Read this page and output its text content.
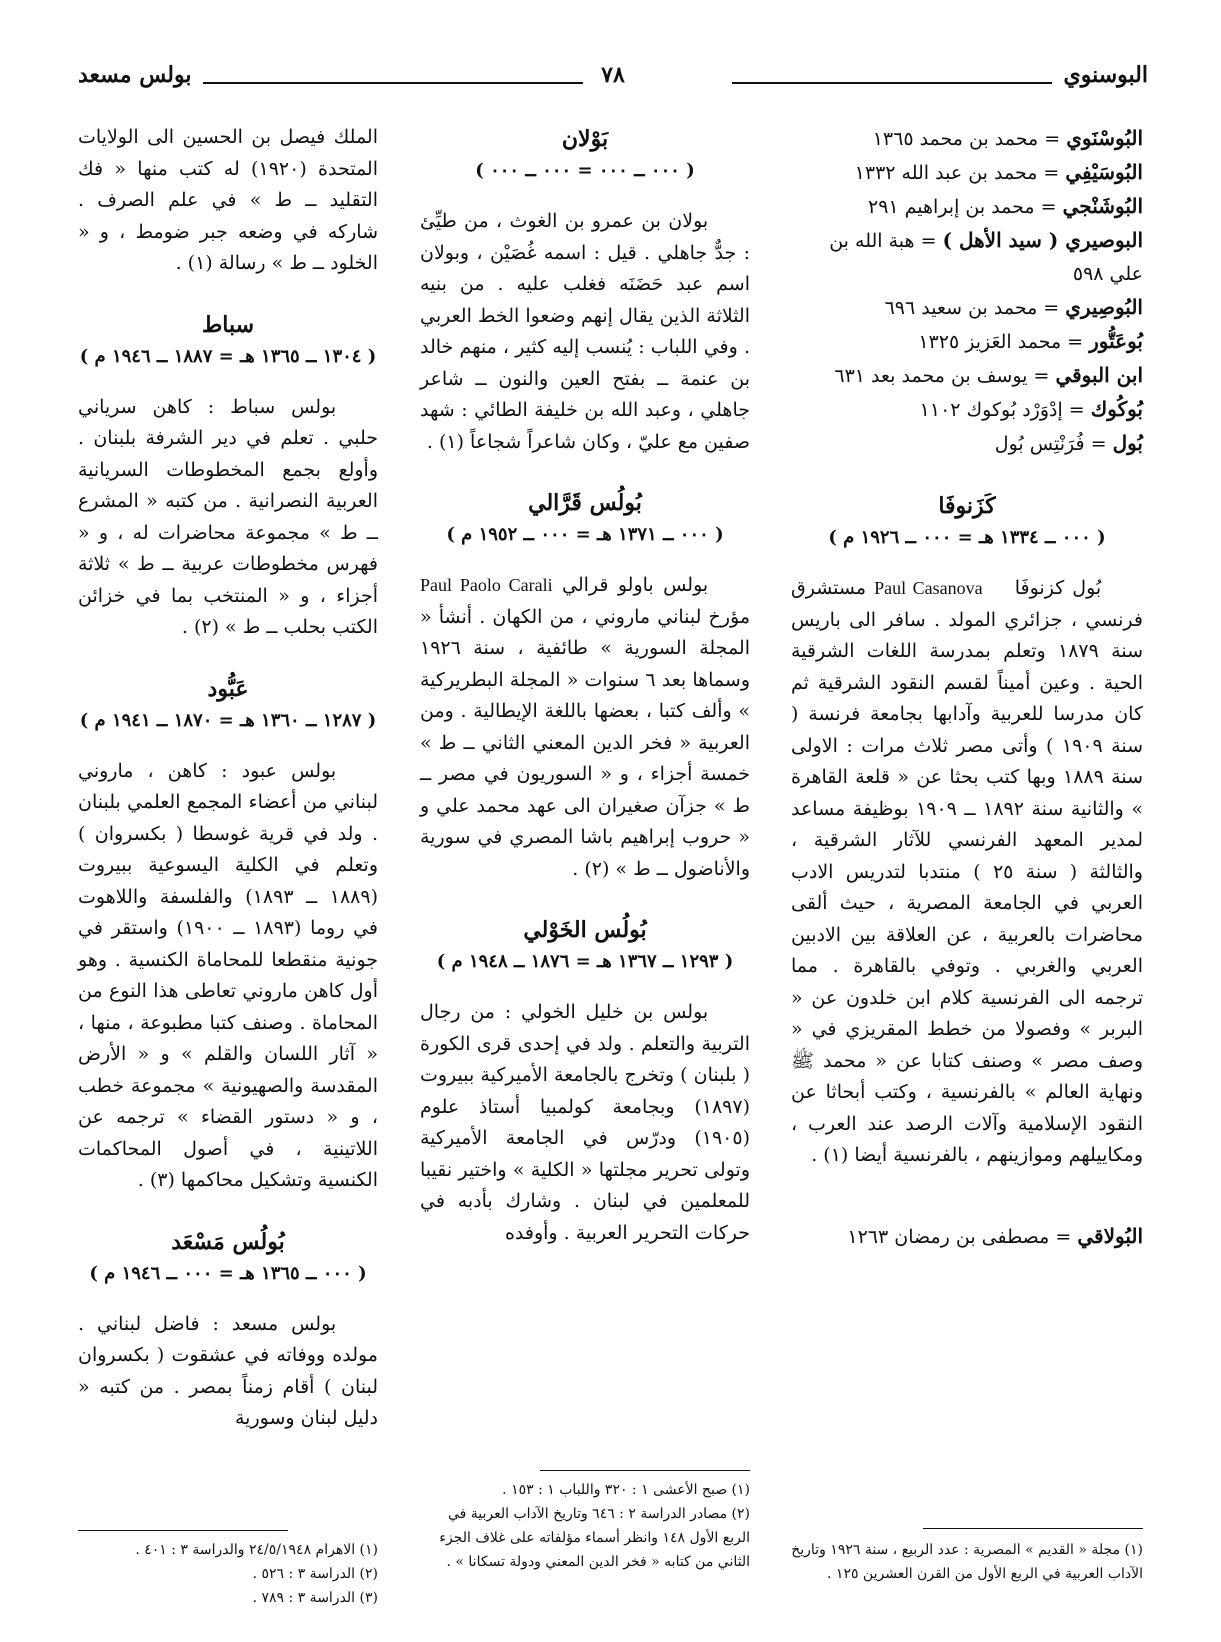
البوسنوي
٧٨
بولس مسعد

البُوسْنَوي = محمد بن محمد ١٣٦٥

البُوسَيْفِي = محمد بن عبد الله ١٣٣٢

البُوشَنْجي = محمد بن إبراهيم ٢٩١

البوصيري ( سيد الأهل ) = هبة الله بن علي ٥٩٨

البُوصِيري = محمد بن سعيد ٦٩٦

بُوعَتُّور = محمد العَزيز ١٣٢٥

ابن البوقي = يوسف بن محمد بعد ٦٣١

بُوكُوك = إدْوَرْد بُوكوك ١١٠٢

بُول = فُرَنْتِس بُول

كَزَنوفَا

( ٠٠٠ ــ ١٣٣٤ هـ = ٠٠٠ ــ ١٩٢٦ م )

بُول كزنوفَا    Paul Casanova مستشرق فرنسي ، جزائري المولد . سافر الى باريس سنة ١٨٧٩ وتعلم بمدرسة اللغات الشرقية الحية . وعين أميناً لقسم النقود الشرقية ثم كان مدرسا للعربية وآدابها بجامعة فرنسة ( سنة ١٩٠٩ ) وأتى مصر ثلاث مرات : الاولى سنة ١٨٨٩ وبها كتب بحثا عن « قلعة القاهرة » والثانية سنة ١٨٩٢ ــ ١٩٠٩ بوظيفة مساعد لمدير المعهد الفرنسي للآثار الشرقية ، والثالثة ( سنة ٢٥ ) منتدبا لتدريس الادب العربي في الجامعة المصرية ، حيث ألقى محاضرات بالعربية ، عن العلاقة بين الادبين العربي والغربي . وتوفي بالقاهرة . مما ترجمه الى الفرنسية كلام ابن خلدون عن « البربر » وفصولا من خطط المقريزي في « وصف مصر » وصنف كتابا عن « محمد ﷺ ونهاية العالم » بالفرنسية ، وكتب أبحاثا عن النقود الإسلامية وآلات الرصد عند العرب ، ومكاييلهم وموازينهم ، بالفرنسية أيضا (١) .

البُولاقي = مصطفى بن رمضان ١٢٦٣

بَوْلان

( ٠٠٠ ــ ٠٠٠ = ٠٠٠ ــ ٠٠٠ )

بولان بن عمرو بن الغوث ، من طيِّئ : جدٌّ جاهلي . قيل : اسمه غُصَيْن ، وبولان اسم عبد حَضَنَه فغلب عليه . من بنيه الثلاثة الذين يقال إنهم وضعوا الخط العربي . وفي اللباب : يُنسب إليه كثير ، منهم خالد بن عنمة ــ بفتح العين والنون ــ شاعر جاهلي ، وعبد الله بن خليفة الطائي : شهد صفين مع عليّ ، وكان شاعراً شجاعاً (١) .

بُولُس قَرَّالي

( ٠٠٠ ــ ١٣٧١ هـ = ٠٠٠ ــ ١٩٥٢ م )

بولس باولو قرالي Paul Paolo Carali مؤرخ لبناني ماروني ، من الكهان . أنشأ « المجلة السورية » طائفية ، سنة ١٩٢٦ وسماها بعد ٦ سنوات « المجلة البطريركية » وألف كتبا ، بعضها باللغة الإيطالية . ومن العربية « فخر الدين المعني الثاني ــ ط » خمسة أجزاء ، و « السوريون في مصر ــ ط » جزآن صغيران الى عهد محمد علي و « حروب إبراهيم باشا المصري في سورية والأناضول ــ ط » (٢) .

بُولُس الخَوْلي

( ١٢٩٣ ــ ١٣٦٧ هـ = ١٨٧٦ ــ ١٩٤٨ م )

بولس بن خليل الخولي : من رجال التربية والتعلم . ولد في إحدى قرى الكورة ( بلبنان ) وتخرج بالجامعة الأميركية ببيروت (١٨٩٧) وبجامعة كولمبيا أستاذ علوم (١٩٠٥) ودرّس في الجامعة الأميركية وتولى تحرير مجلتها « الكلية » واختير نقيبا للمعلمين في لبنان . وشارك بأدبه في حركات التحرير العربية . وأوفده

الملك فيصل بن الحسين الى الولايات المتحدة (١٩٢٠) له كتب منها « فك التقليد ــ ط » في علم الصرف . شاركه في وضعه جبر ضومط ، و « الخلود ــ ط » رسالة (١) .

سباط

( ١٣٠٤ ــ ١٣٦٥ هـ = ١٨٨٧ ــ ١٩٤٦ م )

بولس سباط : كاهن سرياني حلبي . تعلم في دير الشرفة بلبنان . وأولع بجمع المخطوطات السريانية العربية النصرانية . من كتبه « المشرع ــ ط » مجموعة محاضرات له ، و « فهرس مخطوطات عربية ــ ط » ثلاثة أجزاء ، و « المنتخب بما في خزائن الكتب بحلب ــ ط » (٢) .

عَبُّود

( ١٢٨٧ ــ ١٣٦٠ هـ = ١٨٧٠ ــ ١٩٤١ م )

بولس عبود : كاهن ، ماروني لبناني من أعضاء المجمع العلمي بلبنان . ولد في قرية غوسطا ( بكسروان ) وتعلم في الكلية اليسوعية ببيروت (١٨٨٩ ــ ١٨٩٣) والفلسفة واللاهوت في روما (١٨٩٣ ــ ١٩٠٠) واستقر في جونية منقطعا للمحاماة الكنسية . وهو أول كاهن ماروني تعاطى هذا النوع من المحاماة . وصنف كتبا مطبوعة ، منها ، « آثار اللسان والقلم » و « الأرض المقدسة والصهيونية » مجموعة خطب ، و « دستور القضاء » ترجمه عن اللاتينية ، في أصول المحاكمات الكنسية وتشكيل محاكمها (٣) .

بُولُس مَسْعَد

( ٠٠٠ ــ ١٣٦٥ هـ = ٠٠٠ ــ ١٩٤٦ م )

بولس مسعد : فاضل لبناني . مولده ووفاته في عشقوت ( بكسروان لبنان ) أقام زمناً بمصر . من كتبه « دليل لبنان وسورية

(١) الاهرام ٢٤/٥/١٩٤٨ والدراسة ٣ : ٤٠١ .
(٢) الدراسة ٣ : ٥٢٦ .
(٣) الدراسة ٣ : ٧٨٩ .
(١) صبح الأعشى ١ : ٣٢٠ واللباب ١ : ١٥٣ .
(٢) مصادر الدراسة ٢ : ٦٤٦ وتاريخ الآداب العربية في الربع الأول ١٤٨ وانظر أسماء مؤلفاته على غلاف الجزء الثاني من كتابه « فخر الدين المعني ودولة تسكانا » .
(١) مجلة « القديم » المصرية : عدد الربيع ، سنة ١٩٢٦ وتاريخ الآداب العربية في الربع الأول من القرن العشرين ١٢٥ .
